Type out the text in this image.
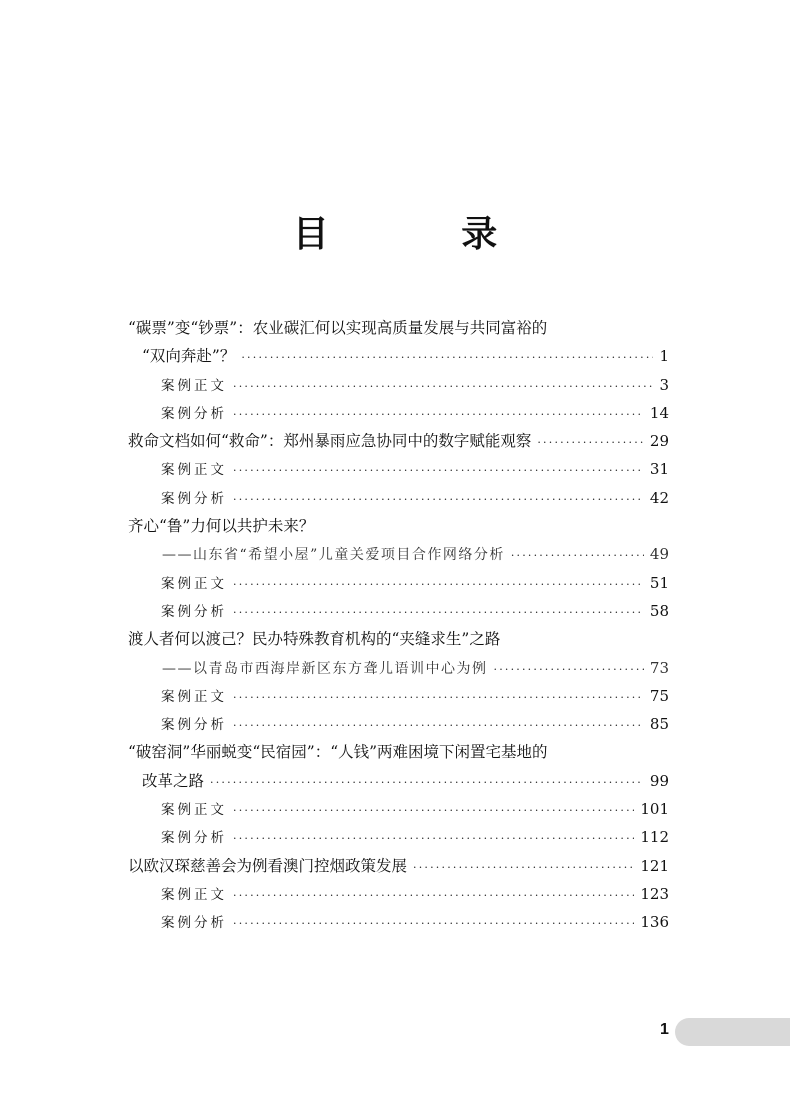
目 录
“碳票”变“钞票”：农业碳汇何以实现高质量发展与共同富裕的
“双向奔赴”？ ·····	1
案例正文 ·····	3
案例分析 ·····	14
救命文档如何“救命”：郑州暴雨应急协同中的数字赋能观察 ·····	29
案例正文 ·····	31
案例分析 ·····	42
齐心“鲁”力何以共护未来？
——山东省“希望小屋”儿童关爱项目合作网络分析 ·····	49
案例正文 ·····	51
案例分析 ·····	58
渡人者何以渡己？民办特殊教育机构的“夹缝求生”之路
——以青岛市西海岸新区东方聋儿语训中心为例 ·····	73
案例正文 ·····	75
案例分析 ·····	85
“破窑洞”华丽蜕变“民宿园”：“人钱”两难困境下闲置宅基地的
改革之路 ·····	99
案例正文 ·····	101
案例分析 ·····	112
以欧汉琛慈善会为例看澳门控烟政策发展 ·····	121
案例正文 ·····	123
案例分析 ·····	136
1
